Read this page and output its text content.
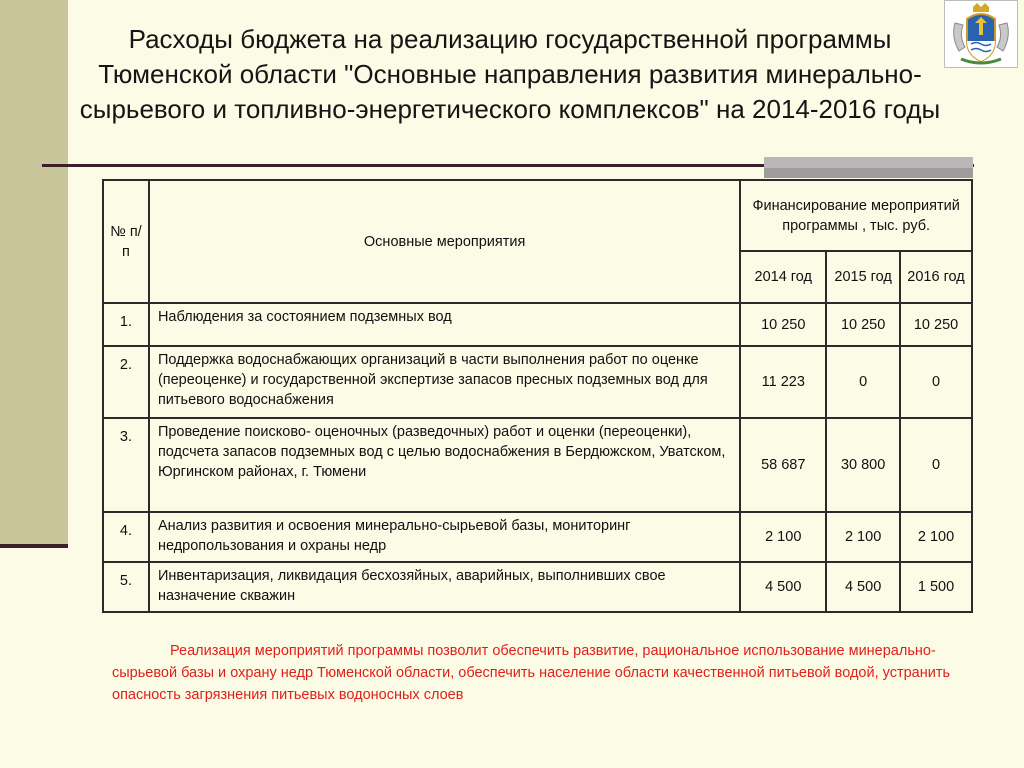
Расходы бюджета на реализацию государственной программы Тюменской области "Основные направления развития минерально-сырьевого и топливно-энергетического комплексов" на 2014-2016 годы
№ п/п	Основные мероприятия	Финансирование мероприятий программы , тыс. руб.		
		2014 год	2015 год	2016 год
1.	Наблюдения за состоянием подземных вод	10 250	10 250	10 250
2.	Поддержка водоснабжающих организаций в части выполнения работ по оценке (переоценке) и государственной экспертизе запасов пресных подземных вод для питьевого водоснабжения	11 223	0	0
3.	Проведение поисково- оценочных (разведочных) работ и оценки (переоценки), подсчета запасов подземных вод с целью водоснабжения в Бердюжском, Уватском, Юргинском районах, г. Тюмени	58 687	30 800	0
4.	Анализ развития и освоения минерально-сырьевой базы, мониторинг недропользования и охраны недр	2 100	2 100	2 100
5.	Инвентаризация, ликвидация бесхозяйных, аварийных, выполнивших свое назначение скважин	4 500	4 500	1 500
Реализация мероприятий программы позволит обеспечить развитие, рациональное использование минерально-сырьевой базы и охрану недр Тюменской области, обеспечить население области качественной питьевой водой, устранить опасность загрязнения питьевых водоносных слоев
